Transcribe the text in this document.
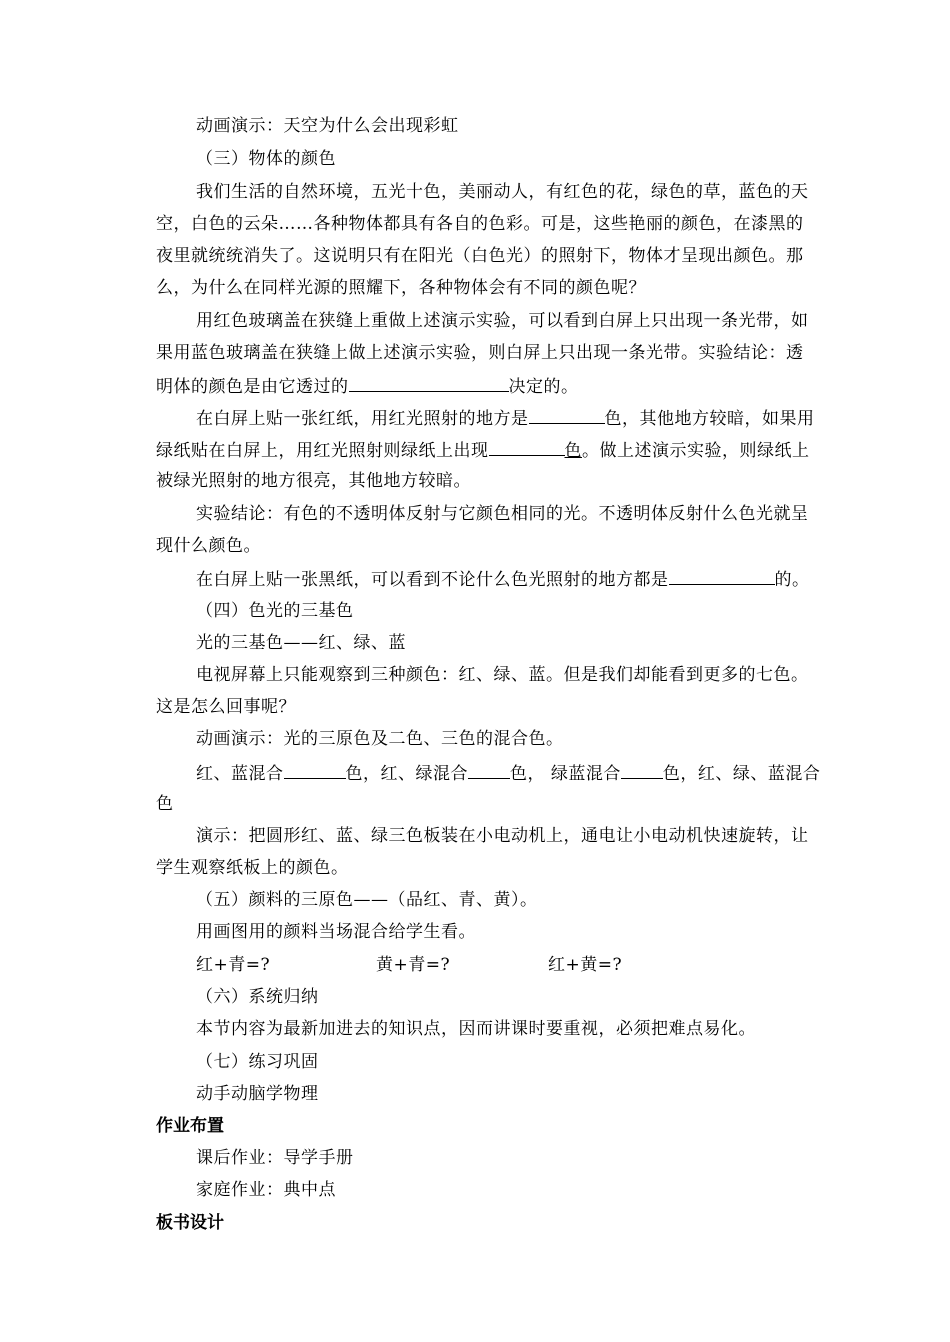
动画演示：天空为什么会出现彩虹
（三）物体的颜色
我们生活的自然环境，五光十色，美丽动人，有红色的花，绿色的草，蓝色的天
空，白色的云朵……各种物体都具有各自的色彩。可是，这些艳丽的颜色，在漆黑的
夜里就统统消失了。这说明只有在阳光（白色光）的照射下，物体才呈现出颜色。那
么，为什么在同样光源的照耀下，各种物体会有不同的颜色呢？
用红色玻璃盖在狭缝上重做上述演示实验，可以看到白屏上只出现一条光带，如
果用蓝色玻璃盖在狭缝上做上述演示实验，则白屏上只出现一条光带。实验结论：透
明体的颜色是由它透过的	决定的。
在白屏上贴一张红纸，用红光照射的地方是	色，其他地方较暗，如果用
绿纸贴在白屏上，用红光照射则绿纸上出现	色。做上述演示实验，则绿纸上
被绿光照射的地方很亮，其他地方较暗。
实验结论：有色的不透明体反射与它颜色相同的光。不透明体反射什么色光就呈
现什么颜色。
在白屏上贴一张黑纸，可以看到不论什么色光照射的地方都是	的。
（四）色光的三基色
光的三基色——红、绿、蓝
电视屏幕上只能观察到三种颜色：红、绿、蓝。但是我们却能看到更多的七色。
这是怎么回事呢？
动画演示：光的三原色及二色、三色的混合色。
红、蓝混合	色，红、绿混合 色， 绿蓝混合 色，红、绿、蓝混合
色
演示：把圆形红、蓝、绿三色板装在小电动机上，通电让小电动机快速旋转，让
学生观察纸板上的颜色。
（五）颜料的三原色——（品红、青、黄）。
用画图用的颜料当场混合给学生看。
红+青=?	黄+青=?	红+黄=?
（六）系统归纳
本节内容为最新加进去的知识点，因而讲课时要重视，必须把难点易化。
（七）练习巩固
动手动脑学物理
作业布置
课后作业：导学手册
家庭作业：典中点
板书设计
